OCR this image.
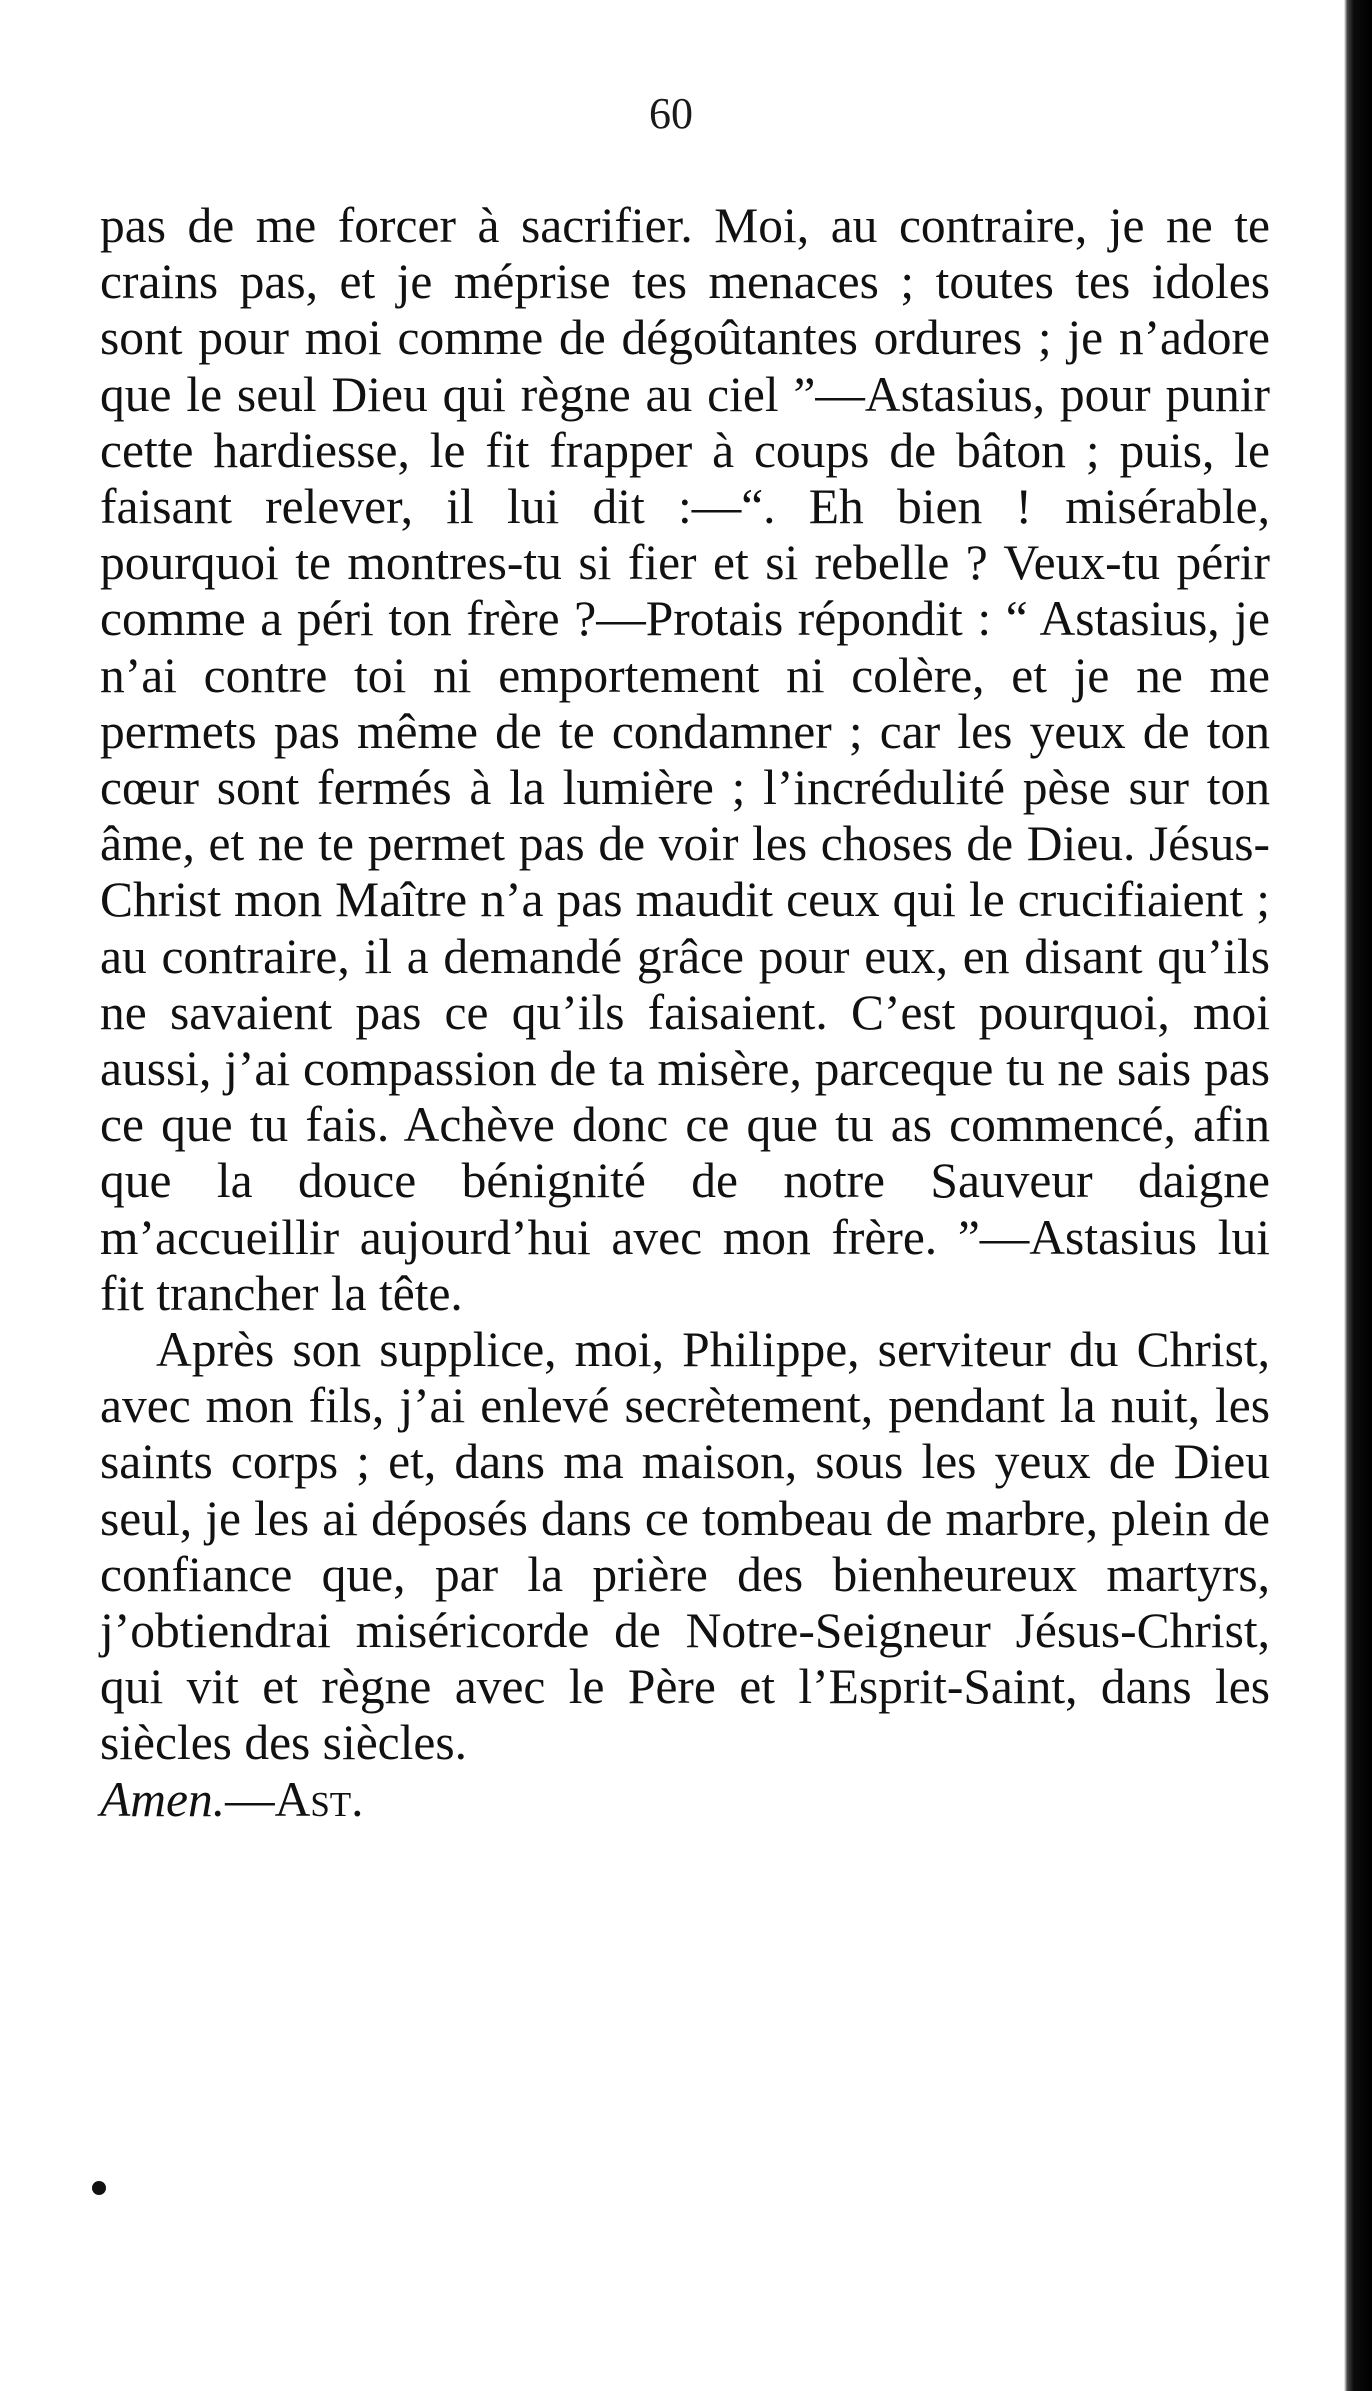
60

pas de me forcer à sacrifier. Moi, au contraire, je ne te crains pas, et je méprise tes menaces ; toutes tes idoles sont pour moi comme de dégoûtantes ordures ; je n’adore que le seul Dieu qui règne au ciel ”—Astasius, pour punir cette hardiesse, le fit frapper à coups de bâton ; puis, le faisant relever, il lui dit :—“. Eh bien ! misérable, pourquoi te montres-tu si fier et si rebelle ? Veux-tu périr comme a péri ton frère ?—Protais répondit : “ Astasius, je n’ai contre toi ni emportement ni colère, et je ne me permets pas même de te condamner ; car les yeux de ton cœur sont fermés à la lumière ; l’incrédulité pèse sur ton âme, et ne te permet pas de voir les choses de Dieu. Jésus-Christ mon Maître n’a pas maudit ceux qui le crucifiaient ; au contraire, il a demandé grâce pour eux, en disant qu’ils ne savaient pas ce qu’ils faisaient. C’est pourquoi, moi aussi, j’ai compassion de ta misère, parceque tu ne sais pas ce que tu fais. Achève donc ce que tu as commencé, afin que la douce bénignité de notre Sauveur daigne m’accueillir aujourd’hui avec mon frère. ”—Astasius lui fit trancher la tête.

Après son supplice, moi, Philippe, serviteur du Christ, avec mon fils, j’ai enlevé secrètement, pendant la nuit, les saints corps ; et, dans ma maison, sous les yeux de Dieu seul, je les ai déposés dans ce tombeau de marbre, plein de confiance que, par la prière des bienheureux martyrs, j’obtiendrai miséricorde de Notre-Seigneur Jésus-Christ, qui vit et règne avec le Père et l’Esprit-Saint, dans les siècles des siècles.

Amen.—Ast.
